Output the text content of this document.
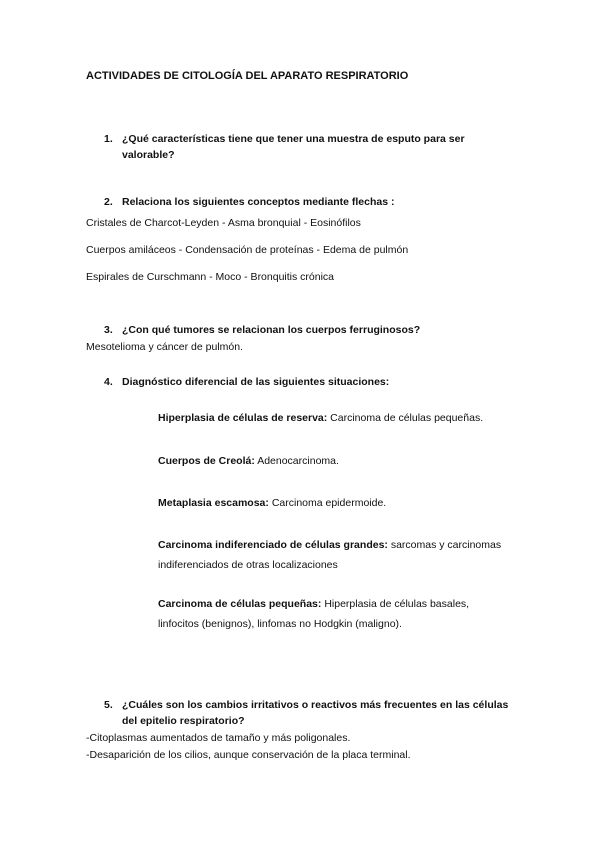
ACTIVIDADES DE CITOLOGÍA DEL APARATO RESPIRATORIO
1. ¿Qué características tiene que tener una muestra de esputo para ser
valorable?
2. Relaciona los siguientes conceptos mediante flechas :
Cristales de Charcot-Leyden - Asma bronquial - Eosinófilos
Cuerpos amiláceos - Condensación de proteínas - Edema de pulmón
Espirales de Curschmann - Moco - Bronquitis crónica
3. ¿Con qué tumores se relacionan los cuerpos ferruginosos?
Mesotelioma y cáncer de pulmón.
4. Diagnóstico diferencial de las siguientes situaciones:
Hiperplasia de células de reserva: Carcinoma de células pequeñas.
Cuerpos de Creolá: Adenocarcinoma.
Metaplasia escamosa: Carcinoma epidermoide.
Carcinoma indiferenciado de células grandes: sarcomas y carcinomas
indiferenciados de otras localizaciones
Carcinoma de células pequeñas: Hiperplasia de células basales,
linfocitos (benignos), linfomas no Hodgkin (maligno).
5. ¿Cuáles son los cambios irritativos o reactivos más frecuentes en las células
del epitelio respiratorio?
-Citoplasmas aumentados de tamaño y más poligonales.
-Desaparición de los cilios, aunque conservación de la placa terminal.
